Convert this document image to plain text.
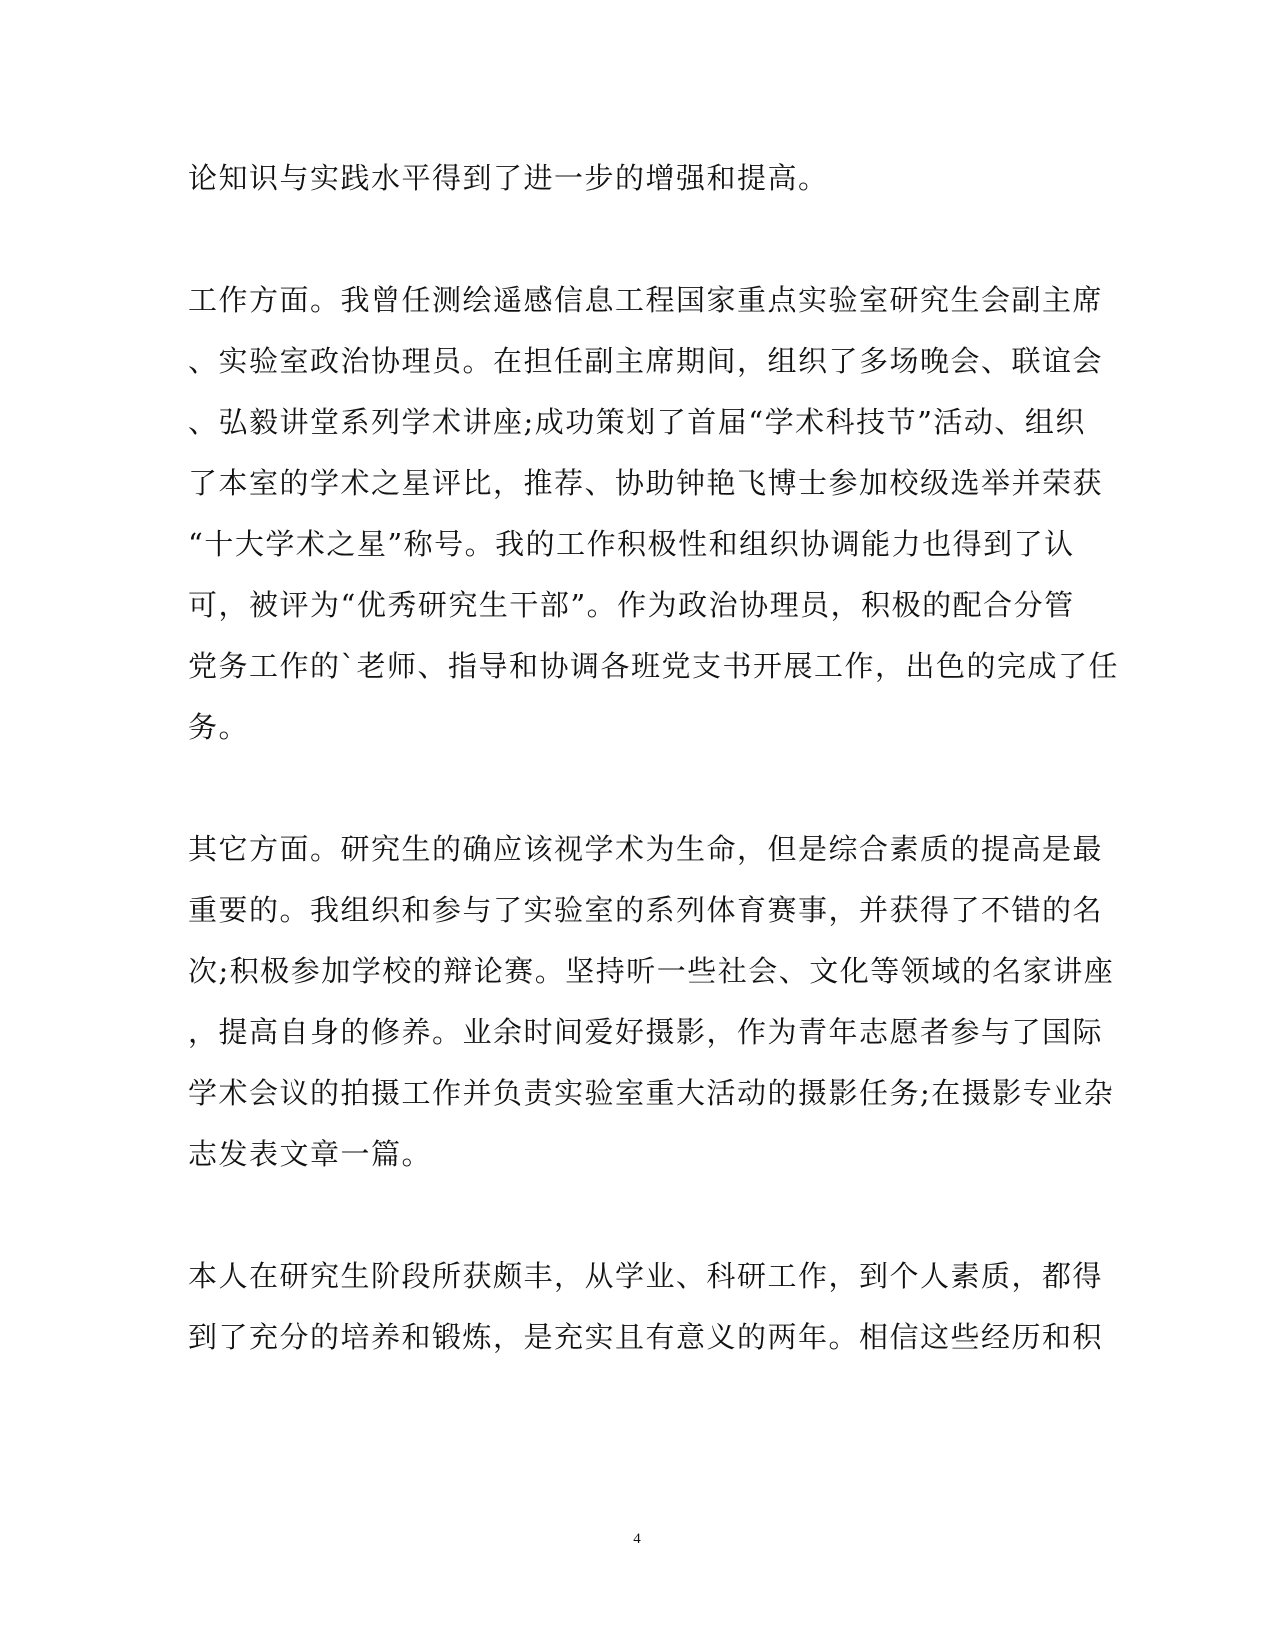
论知识与实践水平得到了进一步的增强和提高。
工作方面。我曾任测绘遥感信息工程国家重点实验室研究生会副主席
、实验室政治协理员。在担任副主席期间，组织了多场晚会、联谊会
、弘毅讲堂系列学术讲座;成功策划了首届“学术科技节”活动、组织
了本室的学术之星评比，推荐、协助钟艳飞博士参加校级选举并荣获
“十大学术之星”称号。我的工作积极性和组织协调能力也得到了认
可，被评为“优秀研究生干部”。作为政治协理员，积极的配合分管
党务工作的`老师、指导和协调各班党支书开展工作，出色的完成了任
务。
其它方面。研究生的确应该视学术为生命，但是综合素质的提高是最
重要的。我组织和参与了实验室的系列体育赛事，并获得了不错的名
次;积极参加学校的辩论赛。坚持听一些社会、文化等领域的名家讲座
，提高自身的修养。业余时间爱好摄影，作为青年志愿者参与了国际
学术会议的拍摄工作并负责实验室重大活动的摄影任务;在摄影专业杂
志发表文章一篇。
本人在研究生阶段所获颇丰，从学业、科研工作，到个人素质，都得
到了充分的培养和锻炼，是充实且有意义的两年。相信这些经历和积
4
